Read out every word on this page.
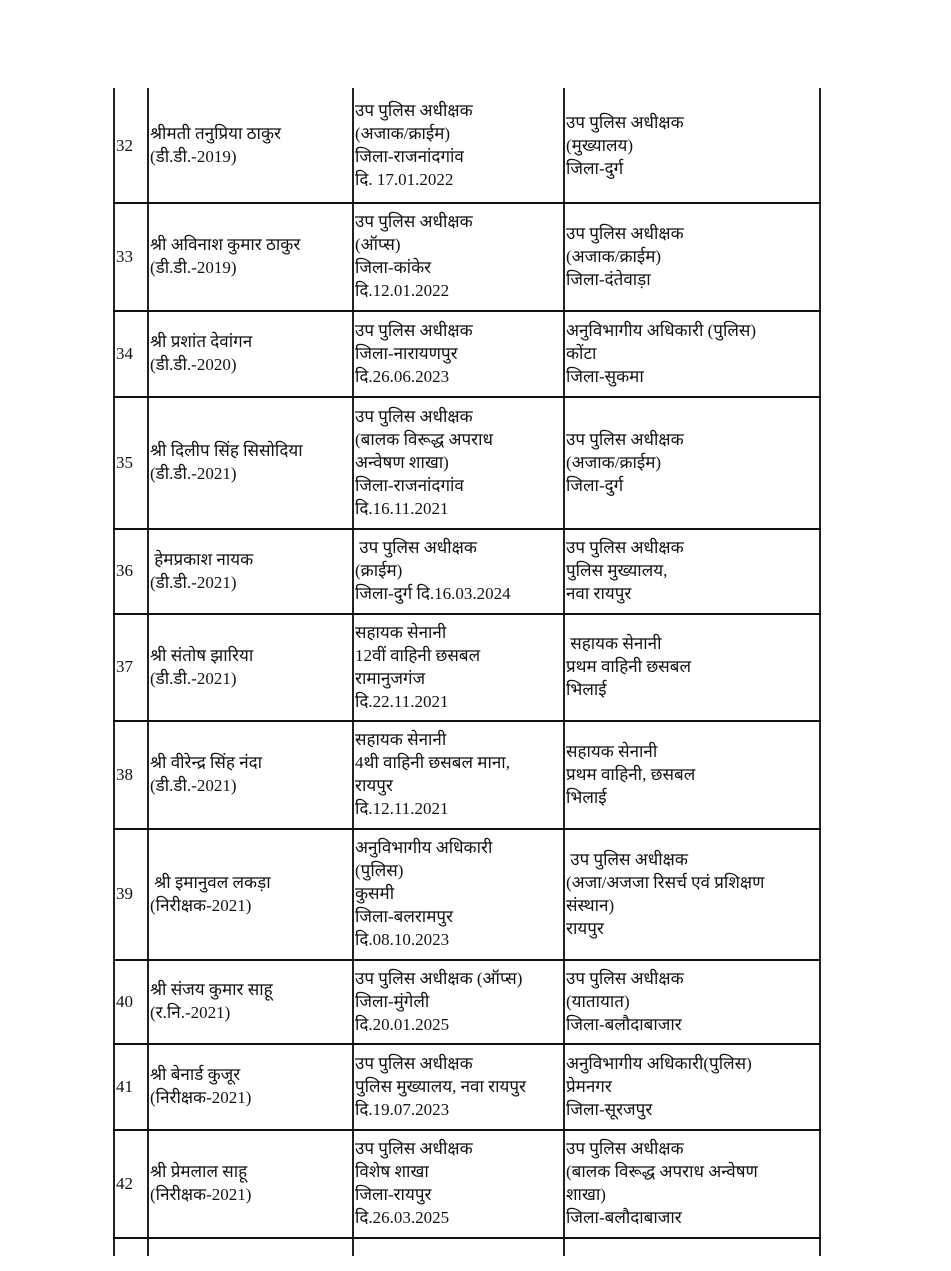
32
श्रीमती तनुप्रिया ठाकुर
(डी.डी.-2019)
उप पुलिस अधीक्षक
(अजाक/क्राईम)
जिला-राजनांदगांव
दि. 17.01.2022
उप पुलिस अधीक्षक
(मुख्यालय)
जिला-दुर्ग
33
श्री अविनाश कुमार ठाकुर
(डी.डी.-2019)
उप पुलिस अधीक्षक
(ऑप्स)
जिला-कांकेर
दि.12.01.2022
उप पुलिस अधीक्षक
(अजाक/क्राईम)
जिला-दंतेवाड़ा
34
श्री प्रशांत देवांगन
(डी.डी.-2020)
उप पुलिस अधीक्षक
जिला-नारायणपुर
दि.26.06.2023
अनुविभागीय अधिकारी (पुलिस)
कोंटा
जिला-सुकमा
35
श्री दिलीप सिंह सिसोदिया
(डी.डी.-2021)
उप पुलिस अधीक्षक
(बालक विरूद्ध अपराध
अन्वेषण शाखा)
जिला-राजनांदगांव
दि.16.11.2021
उप पुलिस अधीक्षक
(अजाक/क्राईम)
जिला-दुर्ग
36
हेमप्रकाश नायक
(डी.डी.-2021)
उप पुलिस अधीक्षक
(क्राईम)
जिला-दुर्ग दि.16.03.2024
उप पुलिस अधीक्षक
पुलिस मुख्यालय,
नवा रायपुर
37
श्री संतोष झारिया
(डी.डी.-2021)
सहायक सेनानी
12वीं वाहिनी छसबल
रामानुजगंज
दि.22.11.2021
सहायक सेनानी
प्रथम वाहिनी छसबल
भिलाई
38
श्री वीरेन्द्र सिंह नंदा
(डी.डी.-2021)
सहायक सेनानी
4थी वाहिनी छसबल माना,
रायपुर
दि.12.11.2021
सहायक सेनानी
प्रथम वाहिनी, छसबल
भिलाई
39
श्री इमानुवल लकड़ा
(निरीक्षक-2021)
अनुविभागीय अधिकारी
(पुलिस)
कुसमी
जिला-बलरामपुर
दि.08.10.2023
उप पुलिस अधीक्षक
(अजा/अजजा रिसर्च एवं प्रशिक्षण
संस्थान)
रायपुर
40
श्री संजय कुमार साहू
(र.नि.-2021)
उप पुलिस अधीक्षक (ऑप्स)
जिला-मुंगेली
दि.20.01.2025
उप पुलिस अधीक्षक
(यातायात)
जिला-बलौदाबाजार
41
श्री बेनार्ड कुजूर
(निरीक्षक-2021)
उप पुलिस अधीक्षक
पुलिस मुख्यालय, नवा रायपुर
दि.19.07.2023
अनुविभागीय अधिकारी(पुलिस)
प्रेमनगर
जिला-सूरजपुर
42
श्री प्रेमलाल साहू
(निरीक्षक-2021)
उप पुलिस अधीक्षक
विशेष शाखा
जिला-रायपुर
दि.26.03.2025
उप पुलिस अधीक्षक
(बालक विरूद्ध अपराध अन्वेषण
शाखा)
जिला-बलौदाबाजार
